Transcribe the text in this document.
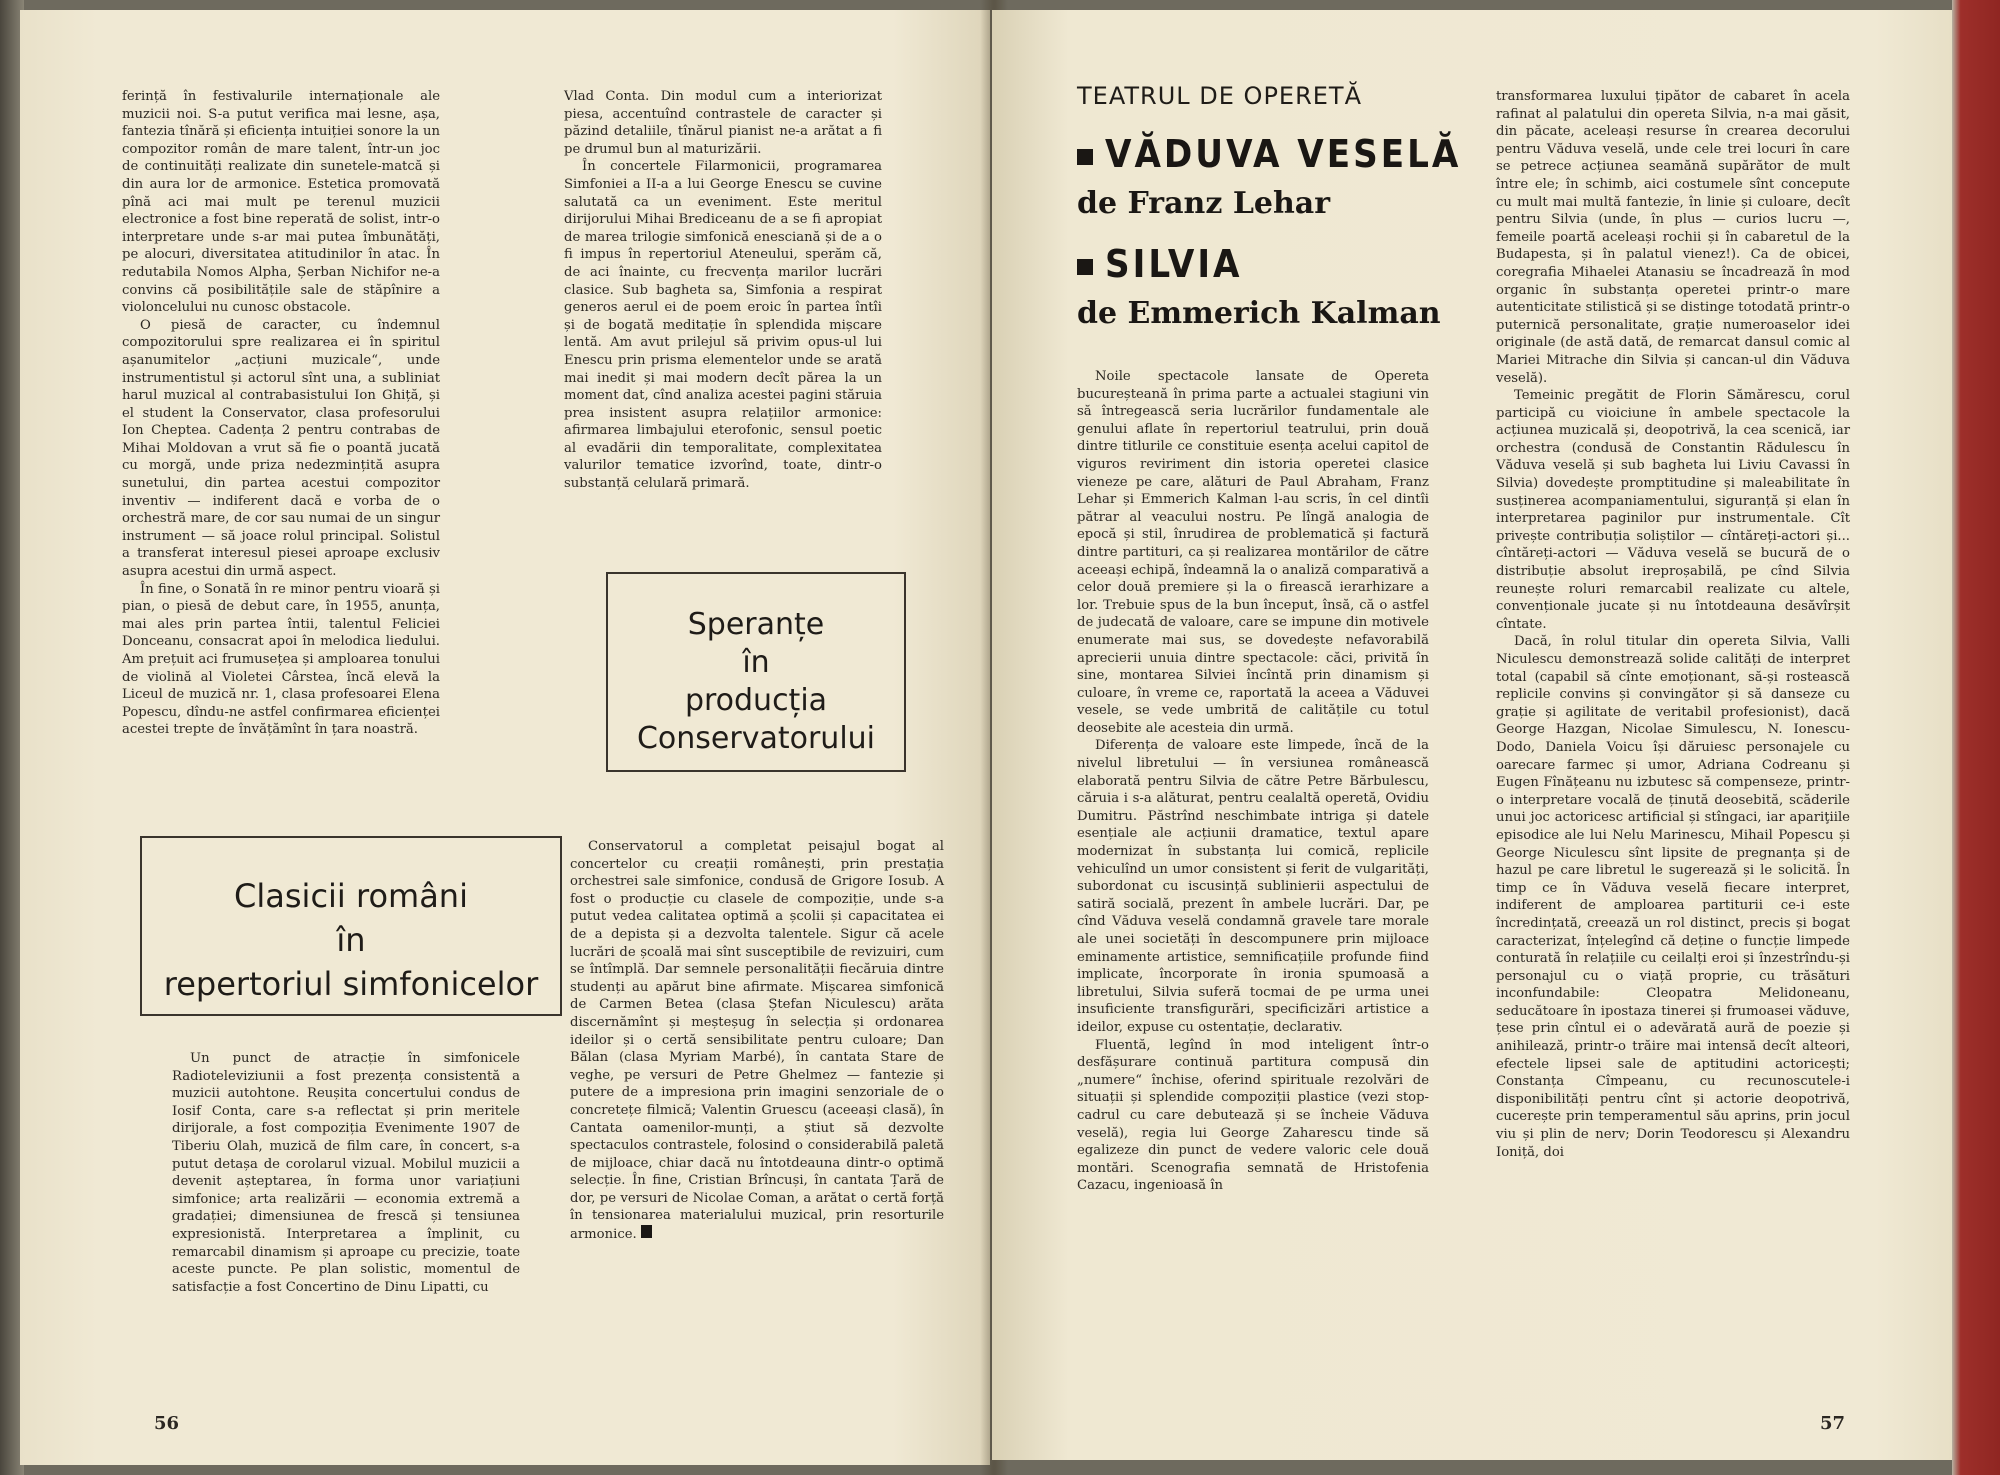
ferință în festivalurile internaționale ale muzicii noi. S-a putut verifica mai lesne, așa, fantezia tînără și eficiența intuiției sonore la un compozitor român de mare talent, într-un joc de continuități realizate din sunetele-matcă și din aura lor de armonice. Estetica promovată pînă aci mai mult pe terenul muzicii electronice a fost bine reperată de solist, intr-o interpretare unde s-ar mai putea îmbunătăți, pe alocuri, diversitatea atitudinilor în atac. În redutabila Nomos Alpha, Șerban Nichifor ne-a convins că posibilitățile sale de stăpînire a violoncelului nu cunosc obstacole.

O piesă de caracter, cu îndemnul compozitorului spre realizarea ei în spiritul așanumitelor „acțiuni muzicale“, unde instrumentistul și actorul sînt una, a subliniat harul muzical al contrabasistului Ion Ghiță, și el student la Conservator, clasa profesorului Ion Cheptea. Cadența 2 pentru contrabas de Mihai Moldovan a vrut să fie o poantă jucată cu morgă, unde priza nedezmințită asupra sunetului, din partea acestui compozitor inventiv — indiferent dacă e vorba de o orchestră mare, de cor sau numai de un singur instrument — să joace rolul principal. Solistul a transferat interesul piesei aproape exclusiv asupra acestui din urmă aspect.

În fine, o Sonată în re minor pentru vioară și pian, o piesă de debut care, în 1955, anunța, mai ales prin partea întii, talentul Feliciei Donceanu, consacrat apoi în melodica liedului. Am prețuit aci frumusețea și amploarea tonului de violină al Violetei Cârstea, încă elevă la Liceul de muzică nr. 1, clasa profesoarei Elena Popescu, dîndu-ne astfel confirmarea eficienței acestei trepte de învățămînt în țara noastră.

Vlad Conta. Din modul cum a interiorizat piesa, accentuînd contrastele de caracter și păzind detaliile, tînărul pianist ne-a arătat a fi pe drumul bun al maturizării.

În concertele Filarmonicii, programarea Simfoniei a II-a a lui George Enescu se cuvine salutată ca un eveniment. Este meritul dirijorului Mihai Brediceanu de a se fi apropiat de marea trilogie simfonică enesciană și de a o fi impus în repertoriul Ateneului, sperăm că, de aci înainte, cu frecvența marilor lucrări clasice. Sub bagheta sa, Simfonia a respirat generos aerul ei de poem eroic în partea întîi și de bogată meditație în splendida mișcare lentă. Am avut prilejul să privim opus-ul lui Enescu prin prisma elementelor unde se arată mai inedit și mai modern decît părea la un moment dat, cînd analiza acestei pagini stăruia prea insistent asupra relațiilor armonice: afirmarea limbajului eterofonic, sensul poetic al evadării din temporalitate, complexitatea valurilor tematice izvorînd, toate, dintr-o substanță celulară primară.

Speranțe
în
producția
Conservatorului
Clasicii români
în
repertoriul simfonicelor

Un punct de atracție în simfonicele Radioteleviziunii a fost prezența consistentă a muzicii autohtone. Reușita concertului condus de Iosif Conta, care s-a reflectat și prin meritele dirijorale, a fost compoziția Evenimente 1907 de Tiberiu Olah, muzică de film care, în concert, s-a putut detașa de corolarul vizual. Mobilul muzicii a devenit așteptarea, în forma unor variațiuni simfonice; arta realizării — economia extremă a gradației; dimensiunea de frescă și tensiunea expresionistă. Interpretarea a împlinit, cu remarcabil dinamism și aproape cu precizie, toate aceste puncte. Pe plan solistic, momentul de satisfacție a fost Concertino de Dinu Lipatti, cu

Conservatorul a completat peisajul bogat al concertelor cu creații românești, prin prestația orchestrei sale simfonice, condusă de Grigore Iosub. A fost o producție cu clasele de compoziție, unde s-a putut vedea calitatea optimă a școlii și capacitatea ei de a depista și a dezvolta talentele. Sigur că acele lucrări de școală mai sînt susceptibile de revizuiri, cum se întîmplă. Dar semnele personalității fiecăruia dintre studenți au apărut bine afirmate. Mișcarea simfonică de Carmen Betea (clasa Ștefan Niculescu) arăta discernămînt și meșteșug în selecția și ordonarea ideilor și o certă sensibilitate pentru culoare; Dan Bălan (clasa Myriam Marbé), în cantata Stare de veghe, pe versuri de Petre Ghelmez — fantezie și putere de a impresiona prin imagini senzoriale de o concretețe filmică; Valentin Gruescu (aceeași clasă), în Cantata oamenilor-munți, a știut să dezvolte spectaculos contrastele, folosind o considerabilă paletă de mijloace, chiar dacă nu întotdeauna dintr-o optimă selecție. În fine, Cristian Brîncuși, în cantata Țară de dor, pe versuri de Nicolae Coman, a arătat o certă forță în tensionarea materialului muzical, prin resorturile armonice.

56
TEATRUL DE OPERETĂ
VĂDUVA VESELĂ
de Franz Lehar
SILVIA
de Emmerich Kalman

Noile spectacole lansate de Opereta bucureșteană în prima parte a actualei stagiuni vin să întregească seria lucrărilor fundamentale ale genului aflate în repertoriul teatrului, prin două dintre titlurile ce constituie esența acelui capitol de viguros reviriment din istoria operetei clasice vieneze pe care, alături de Paul Abraham, Franz Lehar și Emmerich Kalman l-au scris, în cel dintîi pătrar al veacului nostru. Pe lîngă analogia de epocă și stil, înrudirea de problematică și factură dintre partituri, ca și realizarea montărilor de către aceeași echipă, îndeamnă la o analiză comparativă a celor două premiere și la o firească ierarhizare a lor. Trebuie spus de la bun început, însă, că o astfel de judecată de valoare, care se impune din motivele enumerate mai sus, se dovedește nefavorabilă aprecierii unuia dintre spectacole: căci, privită în sine, montarea Silviei încîntă prin dinamism și culoare, în vreme ce, raportată la aceea a Văduvei vesele, se vede umbrită de calitățile cu totul deosebite ale acesteia din urmă.

Diferența de valoare este limpede, încă de la nivelul libretului — în versiunea românească elaborată pentru Silvia de către Petre Bărbulescu, căruia i s-a alăturat, pentru cealaltă operetă, Ovidiu Dumitru. Păstrînd neschimbate intriga și datele esențiale ale acțiunii dramatice, textul apare modernizat în substanța lui comică, replicile vehiculînd un umor consistent și ferit de vulgarități, subordonat cu iscusință sublinierii aspectului de satiră socială, prezent în ambele lucrări. Dar, pe cînd Văduva veselă condamnă gravele tare morale ale unei societăți în descompunere prin mijloace eminamente artistice, semnificațiile profunde fiind implicate, încorporate în ironia spumoasă a libretului, Silvia suferă tocmai de pe urma unei insuficiente transfigurări, specificizări artistice a ideilor, expuse cu ostentație, declarativ.

Fluentă, legînd în mod inteligent într-o desfășurare continuă partitura compusă din „numere“ închise, oferind spirituale rezolvări de situații și splendide compoziții plastice (vezi stop-cadrul cu care debutează și se încheie Văduva veselă), regia lui George Zaharescu tinde să egalizeze din punct de vedere valoric cele două montări. Scenografia semnată de Hristofenia Cazacu, ingenioasă în

transformarea luxului țipător de cabaret în acela rafinat al palatului din opereta Silvia, n-a mai găsit, din păcate, aceleași resurse în crearea decorului pentru Văduva veselă, unde cele trei locuri în care se petrece acțiunea seamănă supărător de mult între ele; în schimb, aici costumele sînt concepute cu mult mai multă fantezie, în linie și culoare, decît pentru Silvia (unde, în plus — curios lucru —, femeile poartă aceleași rochii și în cabaretul de la Budapesta, și în palatul vienez!). Ca de obicei, coregrafia Mihaelei Atanasiu se încadrează în mod organic în substanța operetei printr-o mare autenticitate stilistică și se distinge totodată printr-o puternică personalitate, grație numeroaselor idei originale (de astă dată, de remarcat dansul comic al Mariei Mitrache din Silvia și cancan-ul din Văduva veselă).

Temeinic pregătit de Florin Sămărescu, corul participă cu vioiciune în ambele spectacole la acțiunea muzicală și, deopotrivă, la cea scenică, iar orchestra (condusă de Constantin Rădulescu în Văduva veselă și sub bagheta lui Liviu Cavassi în Silvia) dovedește promptitudine și maleabilitate în susținerea acompaniamentului, siguranță și elan în interpretarea paginilor pur instrumentale. Cît privește contribuția soliștilor — cîntăreți-actori și... cîntăreți-actori — Văduva veselă se bucură de o distribuție absolut ireproșabilă, pe cînd Silvia reunește roluri remarcabil realizate cu altele, convenționale jucate și nu întotdeauna desăvîrșit cîntate.

Dacă, în rolul titular din opereta Silvia, Valli Niculescu demonstrează solide calități de interpret total (capabil să cînte emoționant, să-și rostească replicile convins și convingător și să danseze cu grație și agilitate de veritabil profesionist), dacă George Hazgan, Nicolae Simulescu, N. Ionescu-Dodo, Daniela Voicu își dăruiesc personajele cu oarecare farmec și umor, Adriana Codreanu și Eugen Fînățeanu nu izbutesc să compenseze, printr-o interpretare vocală de ținută deosebită, scăderile unui joc actoricesc artificial și stîngaci, iar apariţiile episodice ale lui Nelu Marinescu, Mihail Popescu și George Niculescu sînt lipsite de pregnanța și de hazul pe care libretul le sugerează și le solicită. În timp ce în Văduva veselă fiecare interpret, indiferent de amploarea partiturii ce-i este încredințată, creează un rol distinct, precis și bogat caracterizat, înțelegînd că deține o funcție limpede conturată în relațiile cu ceilalți eroi și înzestrîndu-și personajul cu o viață proprie, cu trăsături inconfundabile: Cleopatra Melidoneanu, seducătoare în ipostaza tinerei și frumoasei văduve, țese prin cîntul ei o adevărată aură de poezie și anihilează, printr-o trăire mai intensă decît alteori, efectele lipsei sale de aptitudini actoricești; Constanța Cîmpeanu, cu recunoscutele-i disponibilități pentru cînt și actorie deopotrivă, cucerește prin temperamentul său aprins, prin jocul viu și plin de nerv; Dorin Teodorescu și Alexandru Ioniță, doi

57
